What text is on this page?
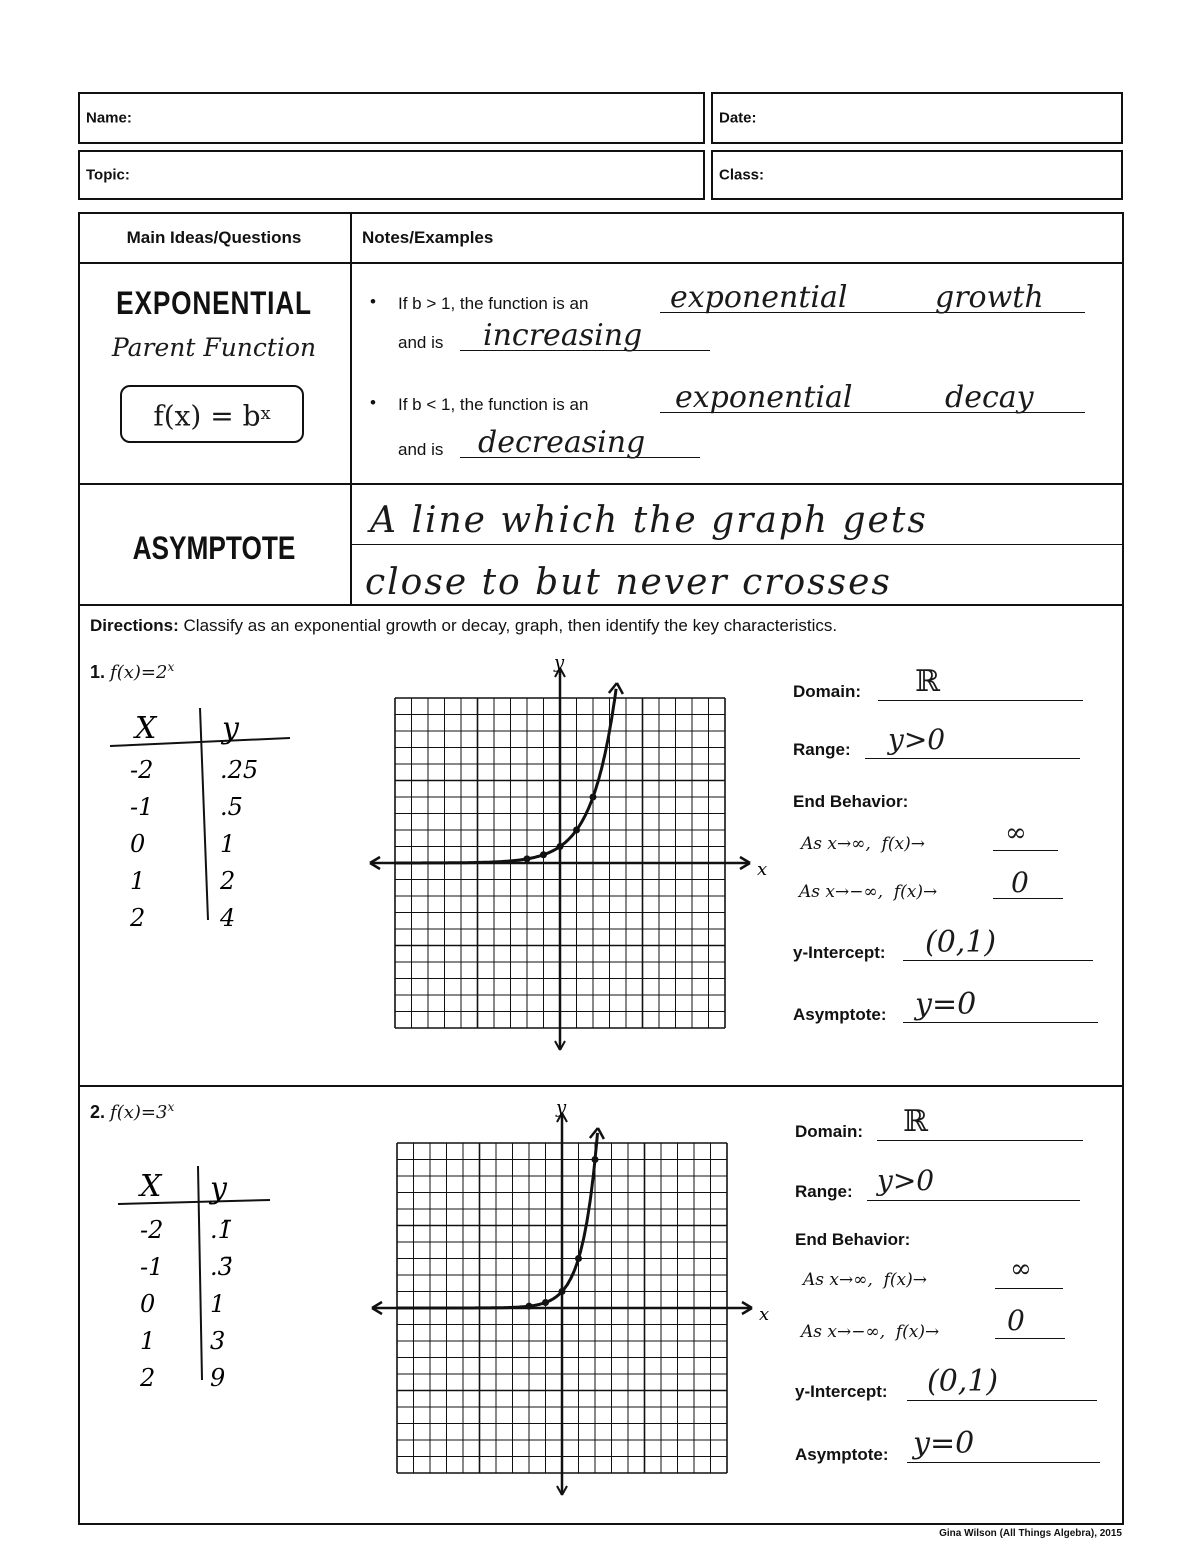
Name:	Date:
Topic:	Class:
Main Ideas/Questions	Notes/Examples
EXPONENTIAL
Parent Function
$f(x) = b^x$
• If b > 1, the function is an	exponential	growth
and is increasing
• If b < 1, the function is an	exponential	decay
and is decreasing
ASYMPTOTE
A line which the graph gets
close to but never crosses
Directions: Classify as an exponential growth or decay, graph, then identify the key characteristics.
1. $f(x)=2^x$
X y
-2	.25
-1	.5
0	1
1	2
2	4
x
y
Domain: ℝ
Range: y>0
End Behavior:
As x→∞,  f(x)→	∞
As x→−∞,  f(x)→	0
y-Intercept: (0,1)
Asymptote: y=0
2. $f(x)=3^x$
X y
-2 .1̄
-1 .3̄
0 1
1 3
2 9
x
y
Domain: ℝ
Range: y>0
End Behavior:
As x→∞,  f(x)→	∞
As x→−∞,  f(x)→ 0
y-Intercept: (0,1)
Asymptote: y=0
Gina Wilson (All Things Algebra), 2015
